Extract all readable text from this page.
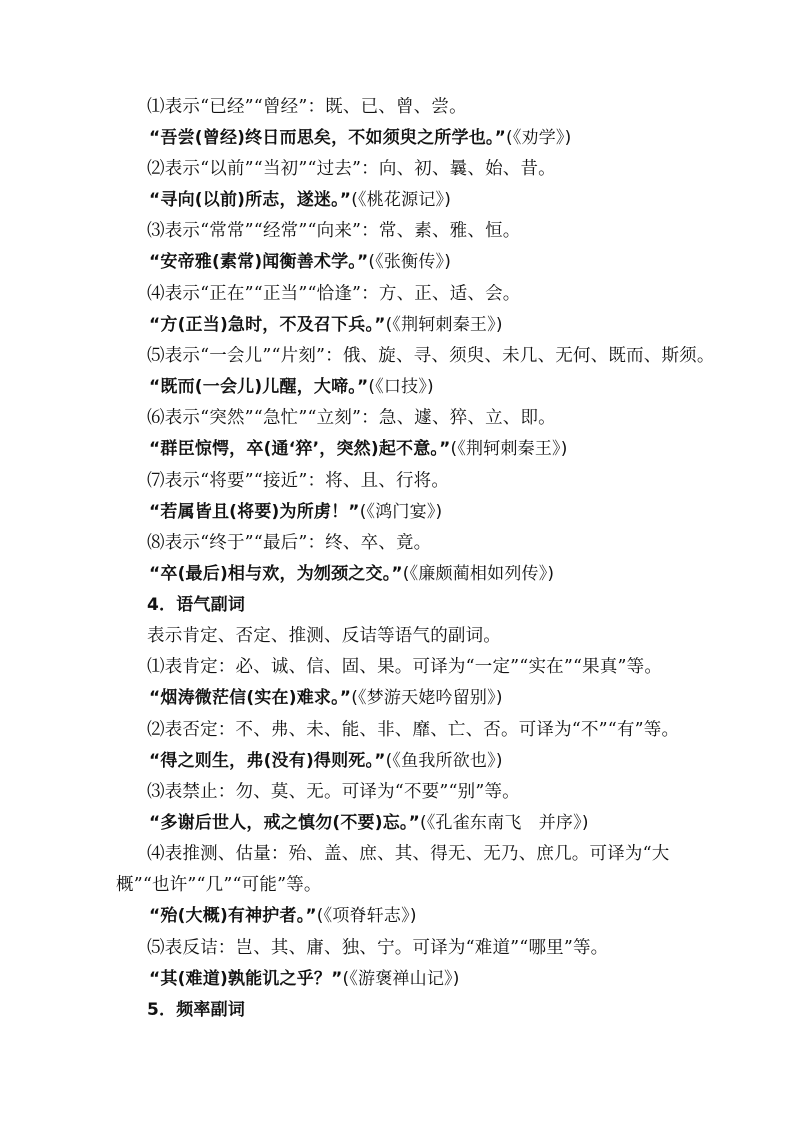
⑴表示“已经”“曾经”：既、已、曾、尝。
“吾尝(曾经)终日而思矣，不如须臾之所学也。”(《劝学》)
⑵表示“以前”“当初”“过去”：向、初、曩、始、昔。
“寻向(以前)所志，遂迷。”(《桃花源记》)
⑶表示“常常”“经常”“向来”：常、素、雅、恒。
“安帝雅(素常)闻衡善术学。”(《张衡传》)
⑷表示“正在”“正当”“恰逢”：方、正、适、会。
“方(正当)急时，不及召下兵。”(《荆轲刺秦王》)
⑸表示“一会儿”“片刻”：俄、旋、寻、须臾、未几、无何、既而、斯须。
“既而(一会儿)儿醒，大啼。”(《口技》)
⑹表示“突然”“急忙”“立刻”：急、遽、猝、立、即。
“群臣惊愕，卒(通‘猝’，突然)起不意。”(《荆轲刺秦王》)
⑺表示“将要”“接近”：将、且、行将。
“若属皆且(将要)为所虏！”(《鸿门宴》)
⑻表示“终于”“最后”：终、卒、竟。
“卒(最后)相与欢，为刎颈之交。”(《廉颇蔺相如列传》)
4．语气副词
表示肯定、否定、推测、反诘等语气的副词。
⑴表肯定：必、诚、信、固、果。可译为“一定”“实在”“果真”等。
“烟涛微茫信(实在)难求。”(《梦游天姥吟留别》)
⑵表否定：不、弗、未、能、非、靡、亡、否。可译为“不”“有”等。
“得之则生，弗(没有)得则死。”(《鱼我所欲也》)
⑶表禁止：勿、莫、无。可译为“不要”“别”等。
“多谢后世人，戒之慎勿(不要)忘。”(《孔雀东南飞　并序》)
⑷表推测、估量：殆、盖、庶、其、得无、无乃、庶几。可译为“大概”“也许”“几”“可能”等。
“殆(大概)有神护者。”(《项脊轩志》)
⑸表反诘：岂、其、庸、独、宁。可译为“难道”“哪里”等。
“其(难道)孰能讥之乎？”(《游褒禅山记》)
5．频率副词
